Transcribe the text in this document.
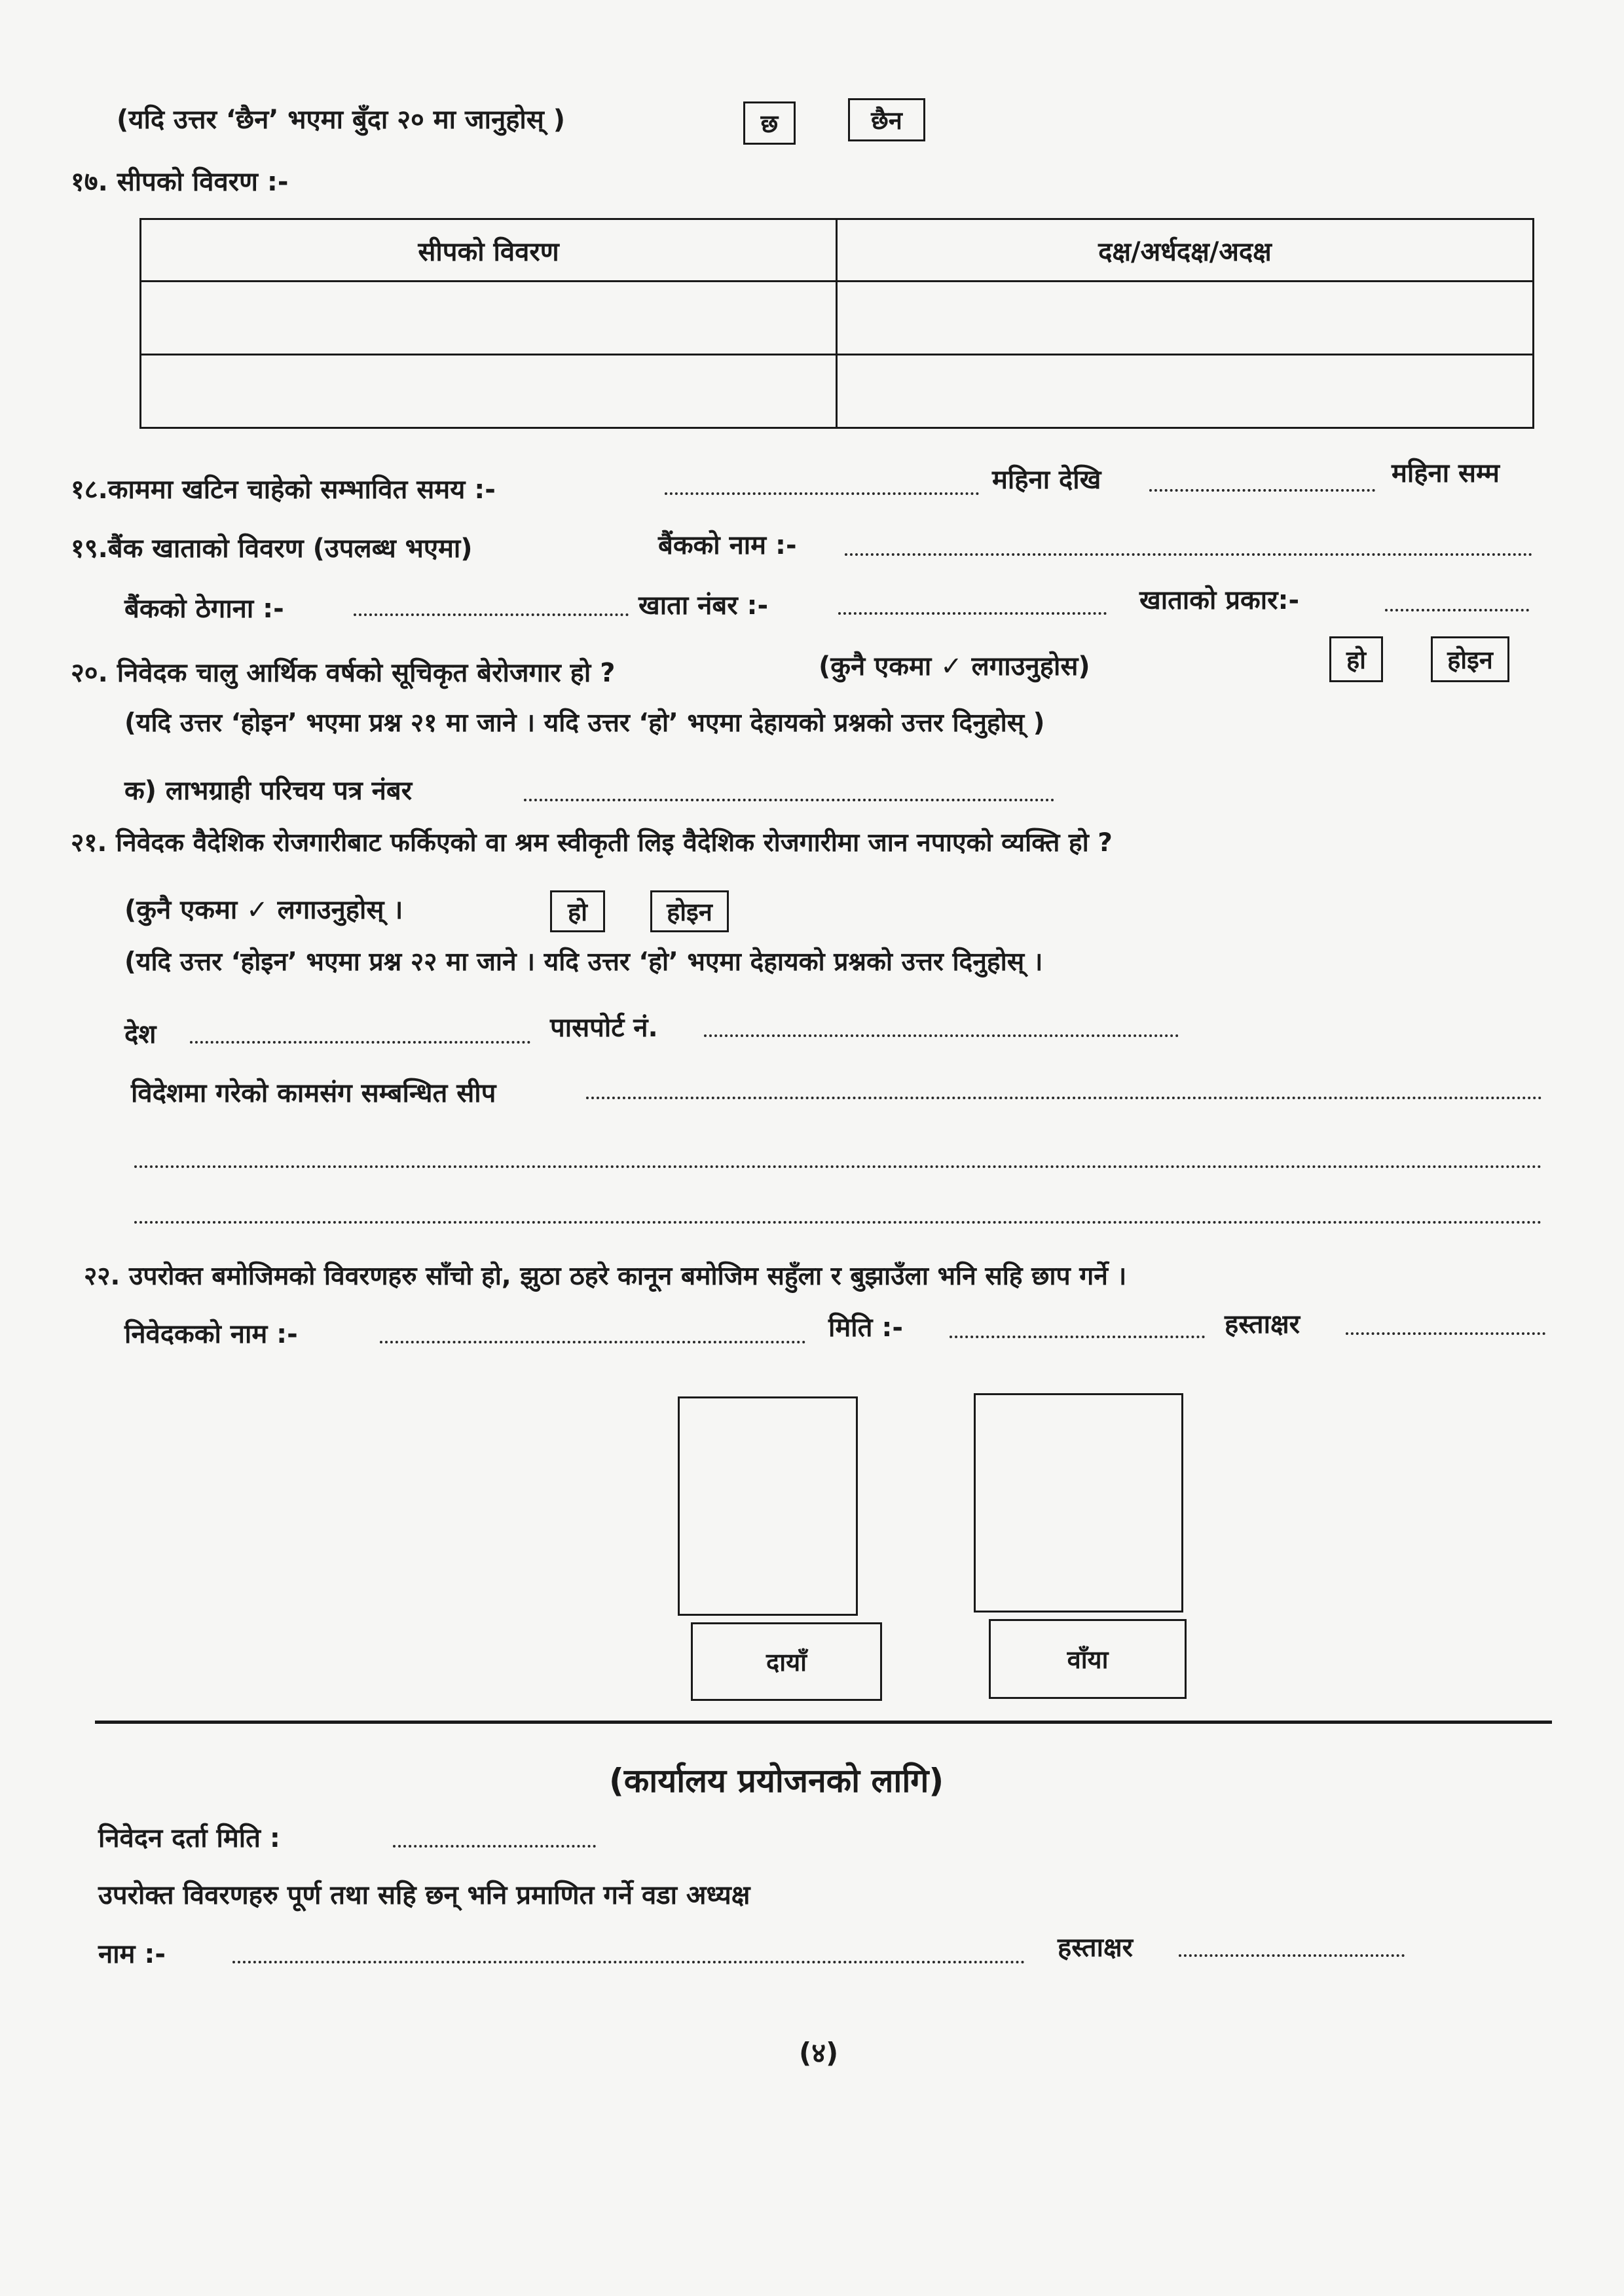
(यदि उत्तर ‘छैन’ भएमा बुँदा २० मा जानुहोस् )	छ	छैन
१७. सीपको विवरण :-
सीपको विवरण	दक्ष/अर्धदक्ष/अदक्ष

१८.काममा खटिन चाहेको सम्भावित समय :-	महिना देखि	महिना सम्म
१९.बैंक खाताको विवरण (उपलब्ध भएमा)	बैंकको नाम :-
बैंकको ठेगाना :-	खाता नंबर :-	खाताको प्रकार:-
२०. निवेदक चालु आर्थिक वर्षको सूचिकृत बेरोजगार हो ?	(कुनै एकमा ✓ लगाउनुहोस)	हो	होइन
(यदि उत्तर ‘होइन’ भएमा प्रश्न २१ मा जाने । यदि उत्तर ‘हो’ भएमा देहायको प्रश्नको उत्तर दिनुहोस् )
क) लाभग्राही परिचय पत्र नंबर
२१. निवेदक वैदेशिक रोजगारीबाट फर्किएको वा श्रम स्वीकृती लिइ वैदेशिक रोजगारीमा जान नपाएको व्यक्ति हो ?
(कुनै एकमा ✓ लगाउनुहोस् ।	हो	होइन
(यदि उत्तर ‘होइन’ भएमा प्रश्न २२ मा जाने । यदि उत्तर ‘हो’ भएमा देहायको प्रश्नको उत्तर दिनुहोस् ।
देश	पासपोर्ट नं.
विदेशमा गरेको कामसंग सम्बन्धित सीप
२२. उपरोक्त बमोजिमको विवरणहरु साँचो हो, झुठा ठहरे कानून बमोजिम सहुँला र बुझाउँला भनि सहि छाप गर्ने ।
निवेदकको नाम :-	मिति :-	हस्ताक्षर
दायाँ	वाँया
(कार्यालय प्रयोजनको लागि)
निवेदन दर्ता मिति :
उपरोक्त विवरणहरु पूर्ण तथा सहि छन् भनि प्रमाणित गर्ने वडा अध्यक्ष
नाम :-	हस्ताक्षर
(४)
